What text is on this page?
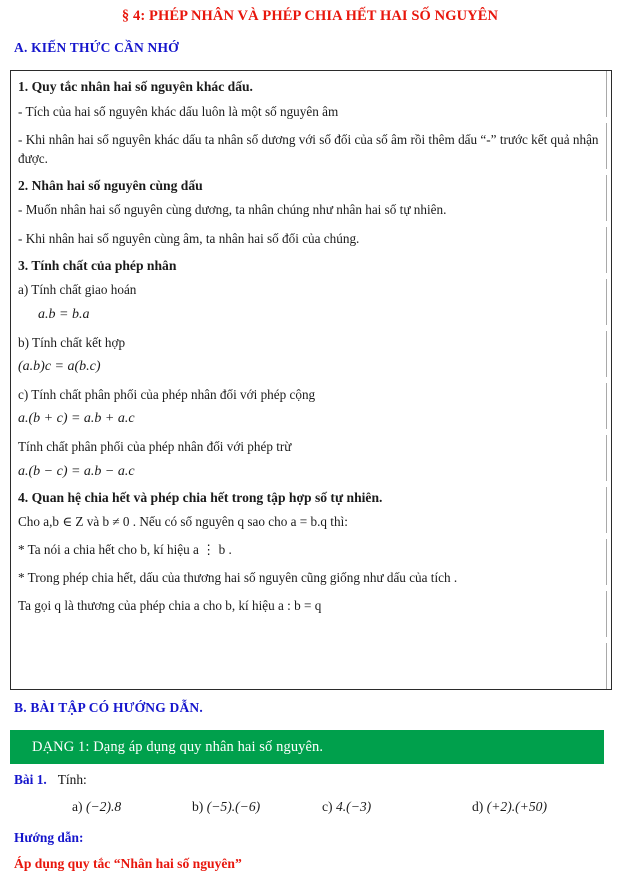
§ 4: PHÉP NHÂN VÀ PHÉP CHIA HẾT HAI SỐ NGUYÊN
A. KIẾN THỨC CẦN NHỚ
1. Quy tắc nhân hai số nguyên khác dấu.
- Tích của hai số nguyên khác dấu luôn là một số nguyên âm
- Khi nhân hai số nguyên khác dấu ta nhân số dương với số đối của số âm rồi thêm dấu “-” trước kết quả nhận được.
2. Nhân hai số nguyên cùng dấu
- Muốn nhân hai số nguyên cùng dương, ta nhân chúng như nhân hai số tự nhiên.
- Khi nhân hai số nguyên cùng âm, ta nhân hai số đối của chúng.
3. Tính chất của phép nhân
a) Tính chất giao hoán
a.b = b.a
b) Tính chất kết hợp
(a.b)c = a(b.c)
c) Tính chất phân phối của phép nhân đối với phép cộng
a.(b + c) = a.b + a.c
Tính chất phân phối của phép nhân đối với phép trừ
a.(b − c) = a.b − a.c
4. Quan hệ chia hết và phép chia hết trong tập hợp số tự nhiên.
Cho a,b ∈ Z và b ≠ 0 . Nếu có số nguyên q sao cho a = b.q thì:
* Ta nói a chia hết cho b, kí hiệu a ⋮ b .
* Trong phép chia hết, dấu của thương hai số nguyên cũng giống như dấu của tích .
Ta gọi q là thương của phép chia a cho b, kí hiệu a : b = q
B. BÀI TẬP CÓ HƯỚNG DẪN.
DẠNG 1: Dạng áp dụng quy nhân hai số nguyên.
Bài 1. Tính:
a) (−2).8	b) (−5).(−6)	c) 4.(−3)	d) (+2).(+50)
Hướng dẫn:
Áp dụng quy tắc “Nhân hai số nguyên”
